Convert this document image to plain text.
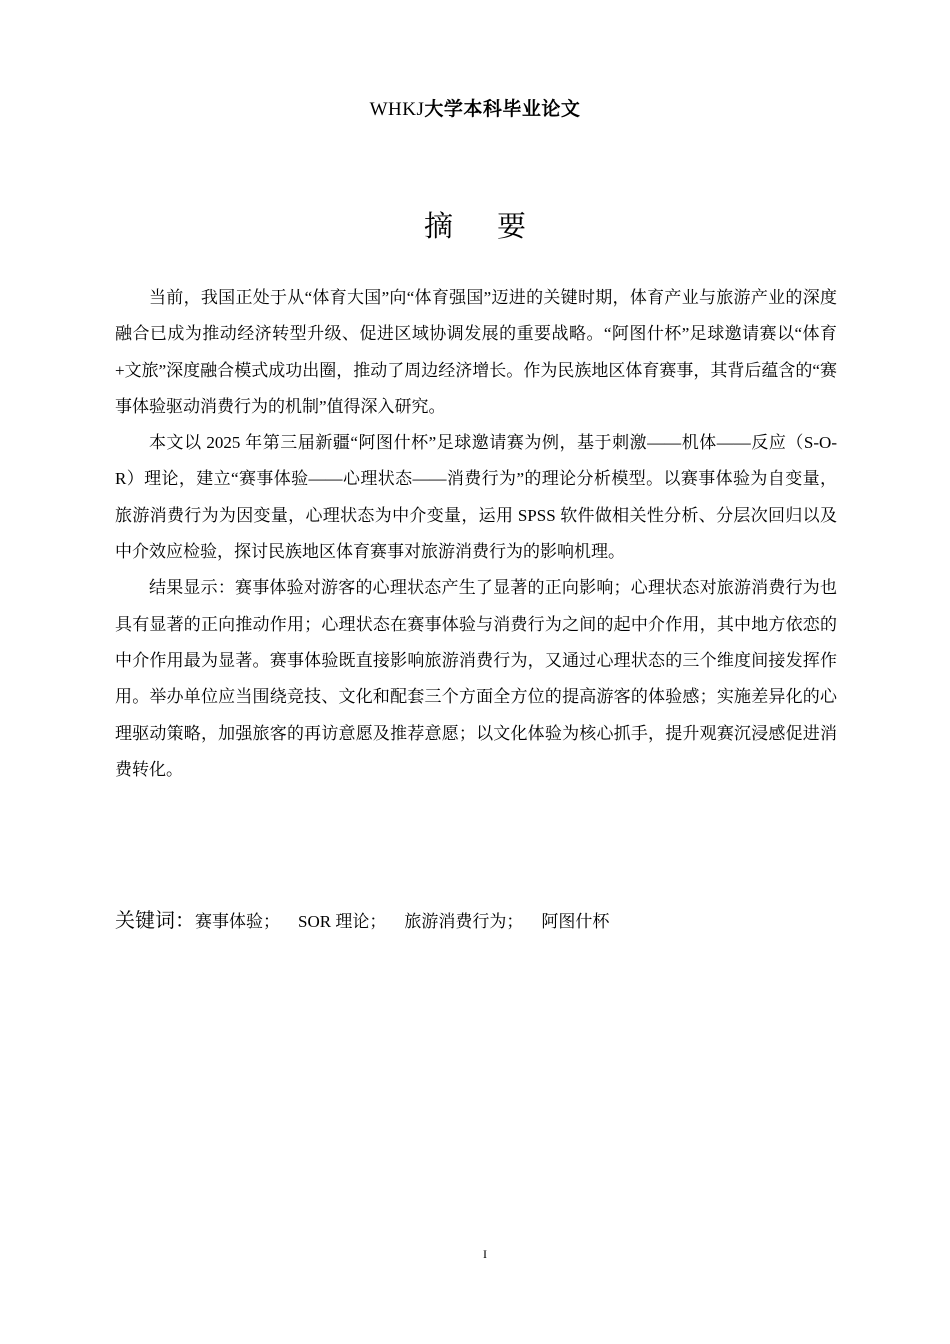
WHKJ大学本科毕业论文
摘要

当前，我国正处于从“体育大国”向“体育强国”迈进的关键时期，体育产业与旅游产业的深度融合已成为推动经济转型升级、促进区域协调发展的重要战略。“阿图什杯”足球邀请赛以“体育+文旅”深度融合模式成功出圈，推动了周边经济增长。作为民族地区体育赛事，其背后蕴含的“赛事体验驱动消费行为的机制”值得深入研究。

本文以 2025 年第三届新疆“阿图什杯”足球邀请赛为例，基于刺激——机体——反应（S-O-R）理论，建立“赛事体验——心理状态——消费行为”的理论分析模型。以赛事体验为自变量，旅游消费行为为因变量，心理状态为中介变量，运用 SPSS 软件做相关性分析、分层次回归以及中介效应检验，探讨民族地区体育赛事对旅游消费行为的影响机理。

结果显示：赛事体验对游客的心理状态产生了显著的正向影响；心理状态对旅游消费行为也具有显著的正向推动作用；心理状态在赛事体验与消费行为之间的起中介作用，其中地方依恋的中介作用最为显著。赛事体验既直接影响旅游消费行为，又通过心理状态的三个维度间接发挥作用。举办单位应当围绕竞技、文化和配套三个方面全方位的提高游客的体验感；实施差异化的心理驱动策略，加强旅客的再访意愿及推荐意愿；以文化体验为核心抓手，提升观赛沉浸感促进消费转化。

关键词：赛事体验； SOR 理论； 旅游消费行为； 阿图什杯
I
